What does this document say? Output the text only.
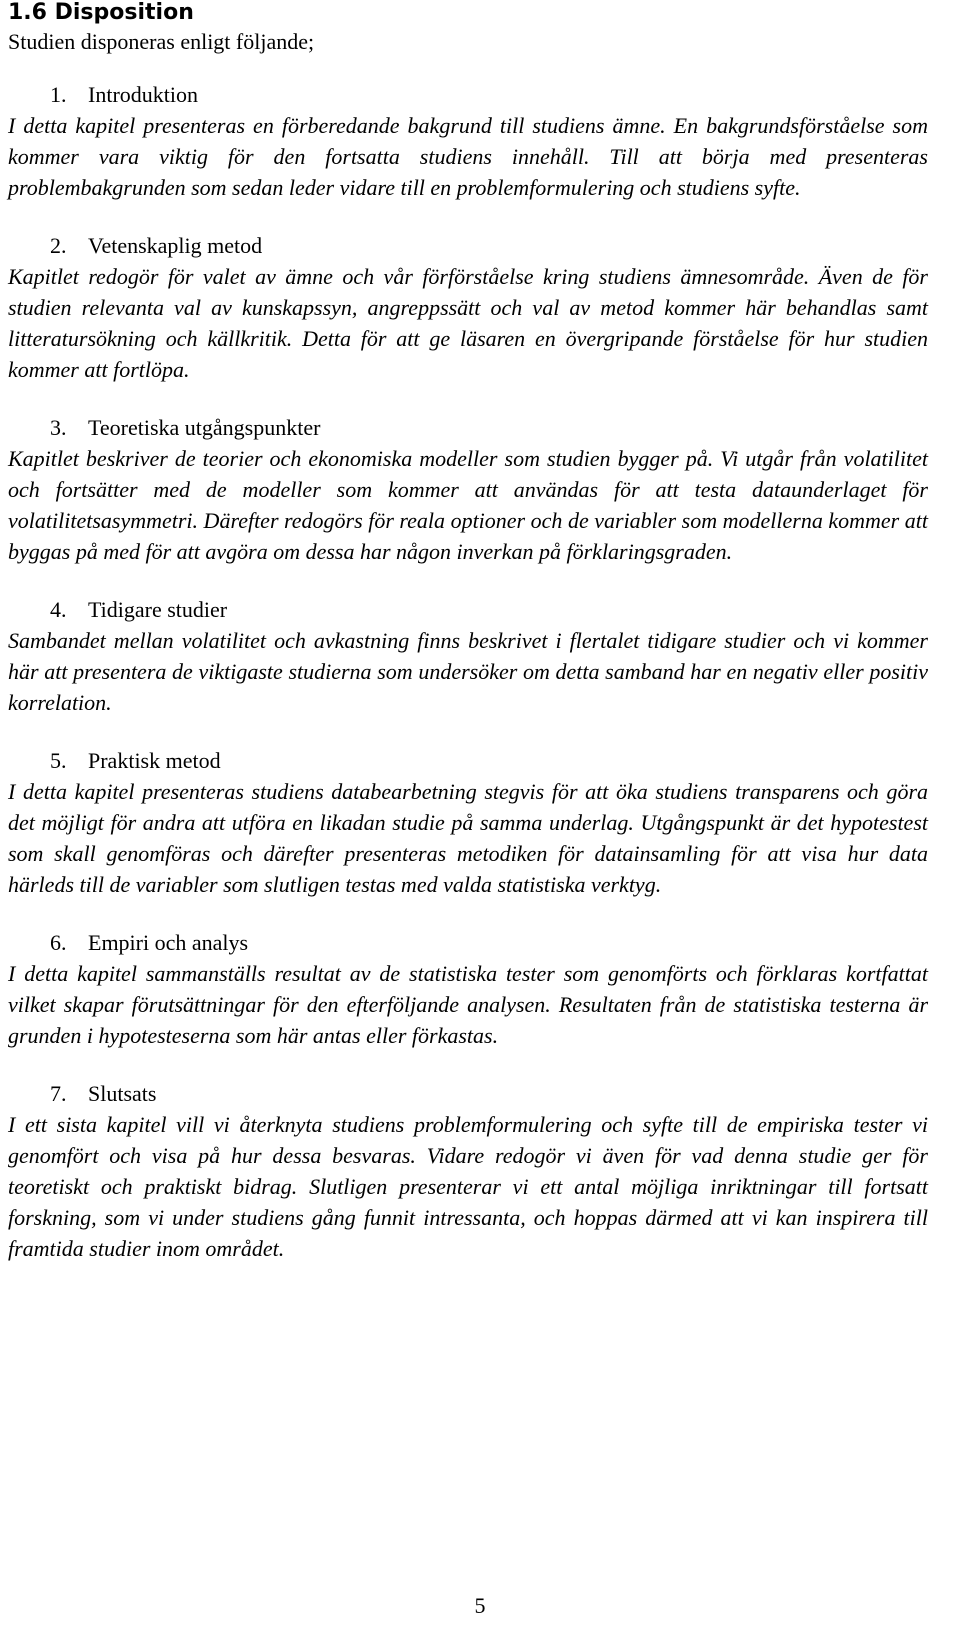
1.6 Disposition

Studien disponeras enligt följande;

1. Introduktion

I detta kapitel presenteras en förberedande bakgrund till studiens ämne. En bakgrundsförståelse som kommer vara viktig för den fortsatta studiens innehåll. Till att börja med presenteras problembakgrunden som sedan leder vidare till en problemformulering och studiens syfte.

2. Vetenskaplig metod

Kapitlet redogör för valet av ämne och vår förförståelse kring studiens ämnesområde. Även de för studien relevanta val av kunskapssyn, angreppssätt och val av metod kommer här behandlas samt litteratursökning och källkritik. Detta för att ge läsaren en övergripande förståelse för hur studien kommer att fortlöpa.

3. Teoretiska utgångspunkter

Kapitlet beskriver de teorier och ekonomiska modeller som studien bygger på. Vi utgår från volatilitet och fortsätter med de modeller som kommer att användas för att testa dataunderlaget för volatilitetsasymmetri. Därefter redogörs för reala optioner och de variabler som modellerna kommer att byggas på med för att avgöra om dessa har någon inverkan på förklaringsgraden.

4. Tidigare studier

Sambandet mellan volatilitet och avkastning finns beskrivet i flertalet tidigare studier och vi kommer här att presentera de viktigaste studierna som undersöker om detta samband har en negativ eller positiv korrelation.

5. Praktisk metod

I detta kapitel presenteras studiens databearbetning stegvis för att öka studiens transparens och göra det möjligt för andra att utföra en likadan studie på samma underlag. Utgångspunkt är det hypotestest som skall genomföras och därefter presenteras metodiken för datainsamling för att visa hur data härleds till de variabler som slutligen testas med valda statistiska verktyg.

6. Empiri och analys

I detta kapitel sammanställs resultat av de statistiska tester som genomförts och förklaras kortfattat vilket skapar förutsättningar för den efterföljande analysen. Resultaten från de statistiska testerna är grunden i hypotesteserna som här antas eller förkastas.

7. Slutsats

I ett sista kapitel vill vi återknyta studiens problemformulering och syfte till de empiriska tester vi genomfört och visa på hur dessa besvaras. Vidare redogör vi även för vad denna studie ger för teoretiskt och praktiskt bidrag. Slutligen presenterar vi ett antal möjliga inriktningar till fortsatt forskning, som vi under studiens gång funnit intressanta, och hoppas därmed att vi kan inspirera till framtida studier inom området.

5
